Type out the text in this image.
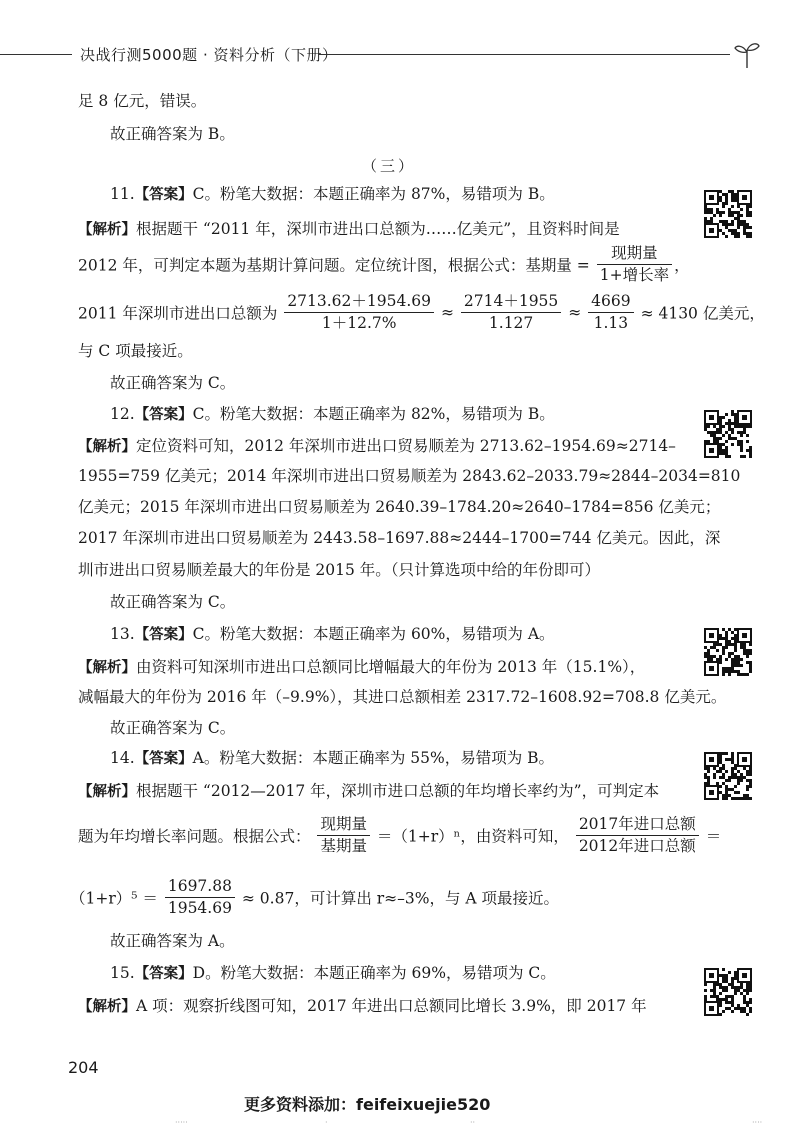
决战行测5000题 · 资料分析（下册）
足 8 亿元，错误。
故正确答案为 B。
（三）
11.【答案】C。粉笔大数据：本题正确率为 87%，易错项为 B。
【解析】根据题干 “2011 年，深圳市进出口总额为……亿美元”，且资料时间是
2012 年，可判定本题为基期计算问题。定位统计图，根据公式：基期量 = $\frac{\text{现期量}}{\text{1+增长率}}$ ，
2011 年深圳市进出口总额为 $\frac{2713.62+1954.69}{1+12.7\%} \approx \frac{2714+1955}{1.127} \approx \frac{4669}{1.13} \approx 4130$ 亿美元，
与 C 项最接近。
故正确答案为 C。
12.【答案】C。粉笔大数据：本题正确率为 82%，易错项为 B。
【解析】定位资料可知，2012 年深圳市进出口贸易顺差为 2713.62–1954.69≈2714–
1955=759 亿美元；2014 年深圳市进出口贸易顺差为 2843.62–2033.79≈2844–2034=810
亿美元；2015 年深圳市进出口贸易顺差为 2640.39–1784.20≈2640–1784=856 亿美元；
2017 年深圳市进出口贸易顺差为 2443.58–1697.88≈2444–1700=744 亿美元。因此，深
圳市进出口贸易顺差最大的年份是 2015 年。（只计算选项中给的年份即可）
故正确答案为 C。
13.【答案】C。粉笔大数据：本题正确率为 60%，易错项为 A。
【解析】由资料可知深圳市进出口总额同比增幅最大的年份为 2013 年（15.1%），
减幅最大的年份为 2016 年（–9.9%），其进口总额相差 2317.72–1608.92=708.8 亿美元。
故正确答案为 C。
14.【答案】A。粉笔大数据：本题正确率为 55%，易错项为 B。
【解析】根据题干 “2012—2017 年，深圳市进口总额的年均增长率约为”，可判定本
题为年均增长率问题。根据公式： $\frac{\text{现期量}}{\text{基期量}} =(1+r)^n$，由资料可知， $\frac{\text{2017年进口总额}}{\text{2012年进口总额}}$ ＝
$(1+r)^5 = \frac{1697.88}{1954.69} \approx 0.87$，可计算出 r≈–3%，与 A 项最接近。
故正确答案为 A。
15.【答案】D。粉笔大数据：本题正确率为 69%，易错项为 C。
【解析】A 项：观察折线图可知，2017 年进出口总额同比增长 3.9%，即 2017 年
204
更多资料添加：feifeixuejie520
·····	·	··	····
